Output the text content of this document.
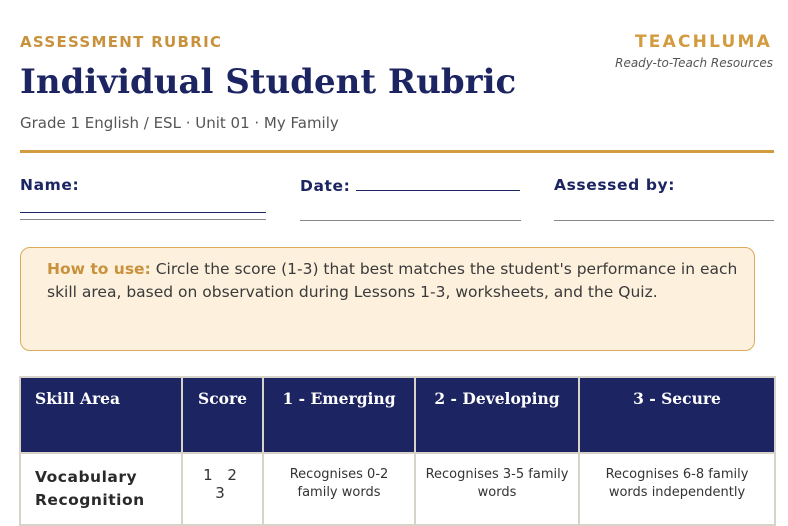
ASSESSMENT RUBRIC	TEACHLUMA
Ready-to-Teach Resources
Individual Student Rubric
Grade 1 English / ESL · Unit 01 · My Family
Name:	Date:	Assessed by:
How to use: Circle the score (1-3) that best matches the student's performance in each skill area, based on observation during Lessons 1-3, worksheets, and the Quiz.
Skill Area	Score	1 - Emerging	2 - Developing	3 - Secure
Vocabulary Recognition	1 2 3	Recognises 0-2 family words	Recognises 3-5 family words	Recognises 6-8 family words independently
